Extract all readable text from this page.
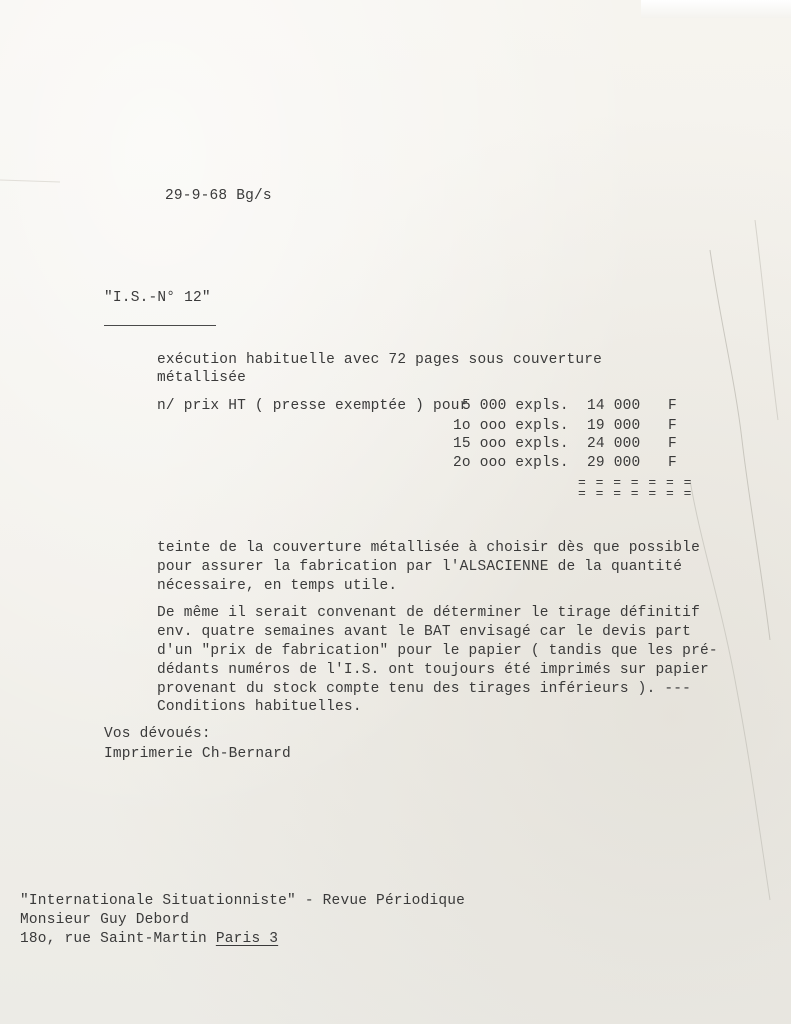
29-9-68 Bg/s
"I.S.-N° 12"
exécution habituelle avec 72 pages sous couverture
métallisée
n/ prix HT ( presse exemptée ) pour
5 000 expls. 14 000 F
1o ooo expls. 19 000 F
15 ooo expls. 24 000 F
2o ooo expls. 29 000 F
= = = = = = =
= = = = = = =
teinte de la couverture métallisée à choisir dès que possible
pour assurer la fabrication par l'ALSACIENNE de la quantité
nécessaire, en temps utile.
De même il serait convenant de déterminer le tirage définitif
env. quatre semaines avant le BAT envisagé car le devis part
d'un "prix de fabrication" pour le papier ( tandis que les pré-
dédants numéros de l'I.S. ont toujours été imprimés sur papier
provenant du stock compte tenu des tirages inférieurs ). ---
Conditions habituelles.
Vos dévoués:
Imprimerie Ch-Bernard
"Internationale Situationniste" - Revue Périodique
Monsieur Guy Debord
18o, rue Saint-Martin Paris 3
